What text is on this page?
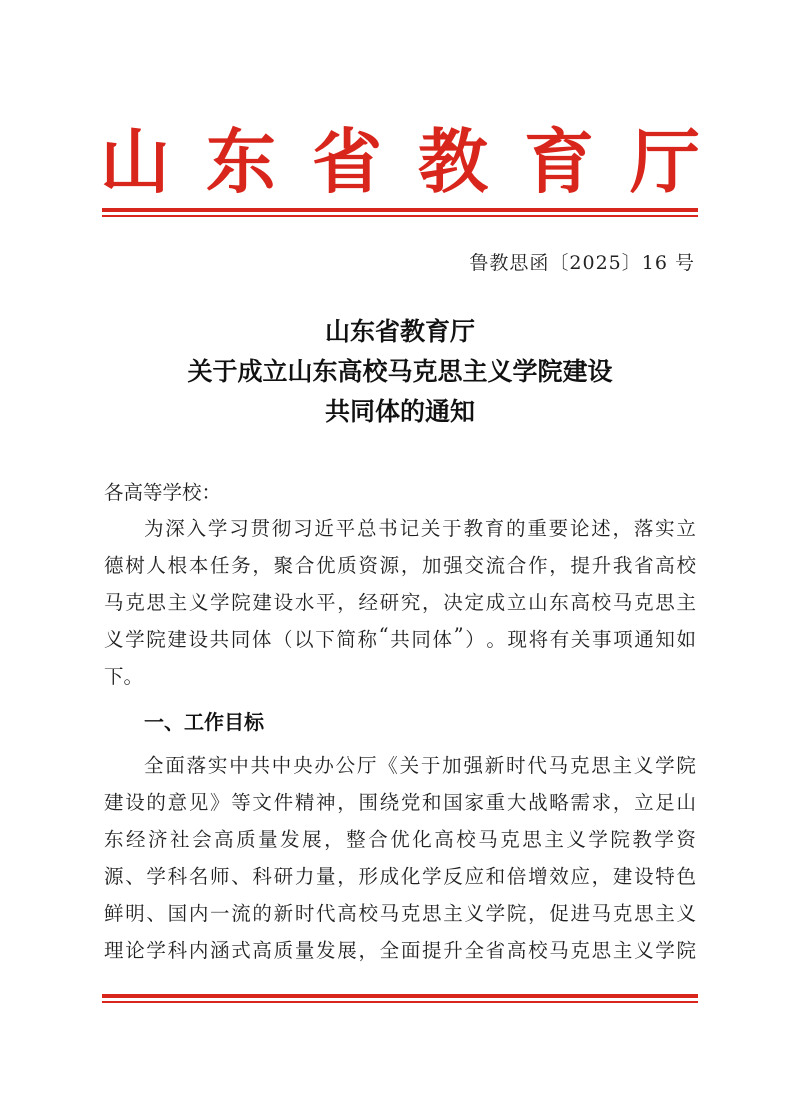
山 东 省 教 育 厅
鲁教思函〔2025〕16 号
山东省教育厅
关于成立山东高校马克思主义学院建设
共同体的通知
各高等学校：
为 深 入 学 习 贯 彻 习 近 平 总 书 记 关 于 教 育 的 重 要 论 述 ， 落 实 立
德 树 人 根 本 任 务 ， 聚 合 优 质 资 源 ， 加 强 交 流 合 作 ， 提 升 我 省 高 校
马 克 思 主 义 学 院 建 设 水 平 ， 经 研 究 ， 决 定 成 立 山 东 高 校 马 克 思 主
义 学 院 建 设 共 同 体 （ 以 下 简 称 “ 共 同 体 ” ） 。 现 将 有 关 事 项 通 知 如
下。
一、工作目标
全 面 落 实 中 共 中 央 办 公 厅 《 关 于 加 强 新 时 代 马 克 思 主 义 学 院
建 设 的 意 见 》 等 文 件 精 神 ， 围 绕 党 和 国 家 重 大 战 略 需 求 ， 立 足 山
东 经 济 社 会 高 质 量 发 展 ， 整 合 优 化 高 校 马 克 思 主 义 学 院 教 学 资
源 、 学 科 名 师 、 科 研 力 量 ， 形 成 化 学 反 应 和 倍 增 效 应 ， 建 设 特 色
鲜 明 、 国 内 一 流 的 新 时 代 高 校 马 克 思 主 义 学 院 ， 促 进 马 克 思 主 义
理 论 学 科 内 涵 式 高 质 量 发 展 ， 全 面 提 升 全 省 高 校 马 克 思 主 义 学 院
